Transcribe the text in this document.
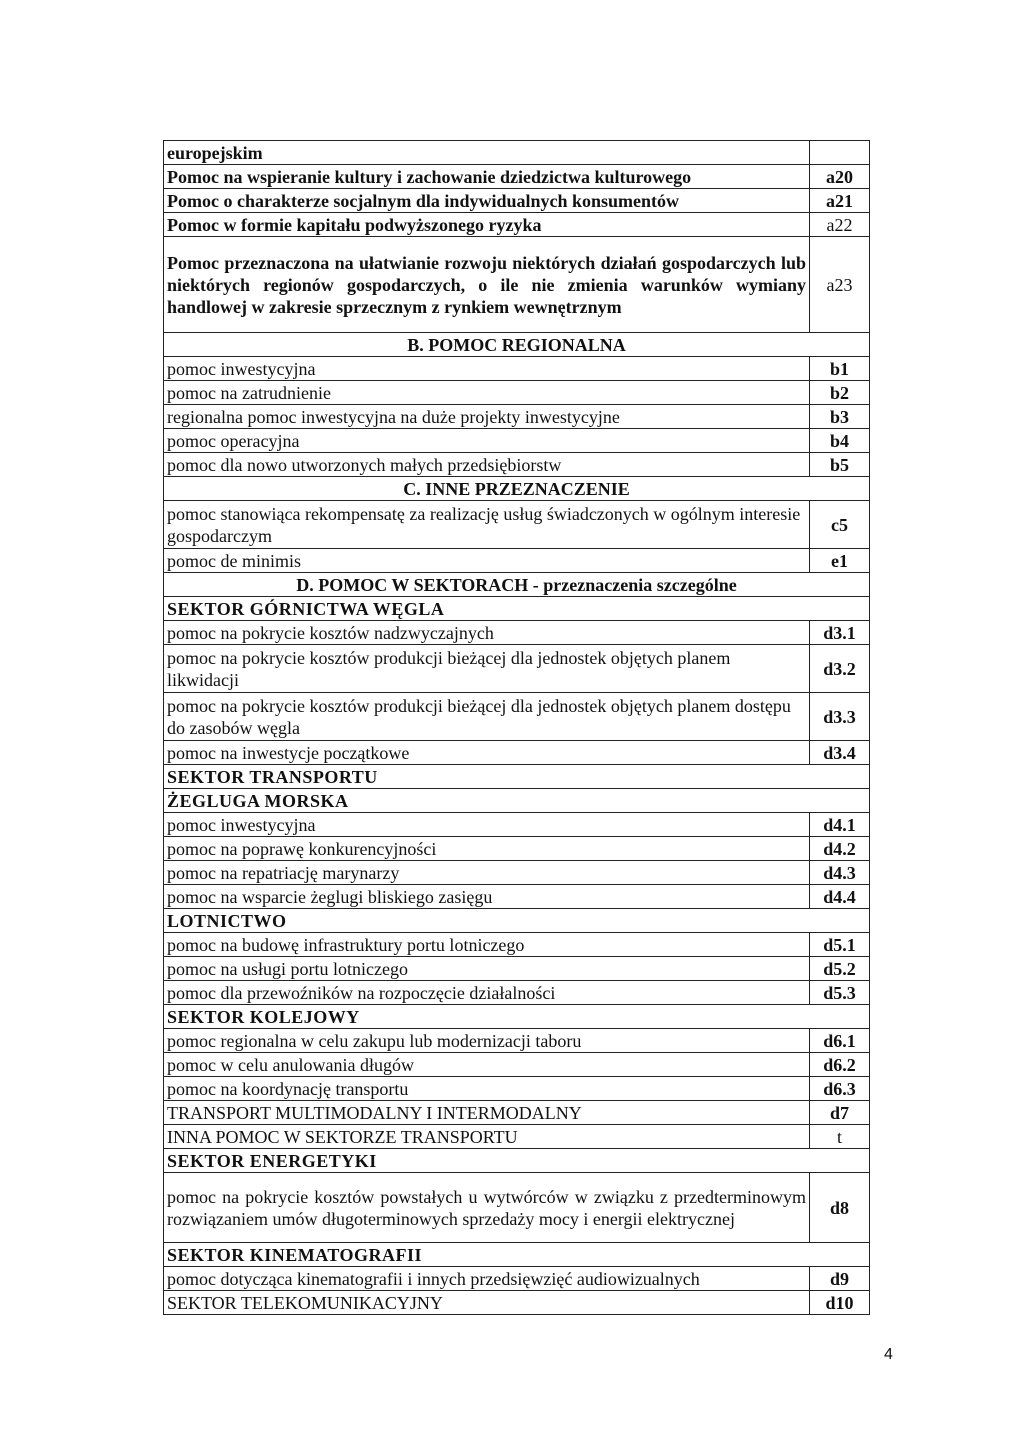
europejskim	
Pomoc na wspieranie kultury i zachowanie dziedzictwa kulturowego	a20
Pomoc o charakterze socjalnym dla indywidualnych konsumentów	a21
Pomoc w formie kapitału podwyższonego ryzyka	a22
Pomoc przeznaczona na ułatwianie rozwoju niektórych działań gospodarczych lub niektórych regionów gospodarczych, o ile nie zmienia warunków wymiany handlowej w zakresie sprzecznym z rynkiem wewnętrznym	a23
B. POMOC REGIONALNA	
pomoc inwestycyjna	b1
pomoc na zatrudnienie	b2
regionalna pomoc inwestycyjna na duże projekty inwestycyjne	b3
pomoc operacyjna	b4
pomoc dla nowo utworzonych małych przedsiębiorstw	b5
C. INNE PRZEZNACZENIE	
pomoc stanowiąca rekompensatę za realizację usług świadczonych w ogólnym interesie gospodarczym	c5
pomoc de minimis	e1
D. POMOC W SEKTORACH - przeznaczenia szczególne	
SEKTOR GÓRNICTWA WĘGLA	
pomoc na pokrycie kosztów nadzwyczajnych	d3.1
pomoc na pokrycie kosztów produkcji bieżącej dla jednostek objętych planem likwidacji	d3.2
pomoc na pokrycie kosztów produkcji bieżącej dla jednostek objętych planem dostępu do zasobów węgla	d3.3
pomoc na inwestycje początkowe	d3.4
SEKTOR TRANSPORTU	
ŻEGLUGA MORSKA	
pomoc inwestycyjna	d4.1
pomoc na poprawę konkurencyjności	d4.2
pomoc na repatriację marynarzy	d4.3
pomoc na wsparcie żeglugi bliskiego zasięgu	d4.4
LOTNICTWO	
pomoc na budowę infrastruktury portu lotniczego	d5.1
pomoc na usługi portu lotniczego	d5.2
pomoc dla przewoźników na rozpoczęcie działalności	d5.3
SEKTOR KOLEJOWY	
pomoc regionalna w celu zakupu lub modernizacji taboru	d6.1
pomoc w celu anulowania długów	d6.2
pomoc na koordynację transportu	d6.3
TRANSPORT MULTIMODALNY I INTERMODALNY	d7
INNA POMOC W SEKTORZE TRANSPORTU	t
SEKTOR ENERGETYKI	
pomoc na pokrycie kosztów powstałych u wytwórców w związku z przedterminowym rozwiązaniem umów długoterminowych sprzedaży mocy i energii elektrycznej	d8
SEKTOR KINEMATOGRAFII	
pomoc dotycząca kinematografii i innych przedsięwzięć audiowizualnych	d9
SEKTOR TELEKOMUNIKACYJNY	d10
4
